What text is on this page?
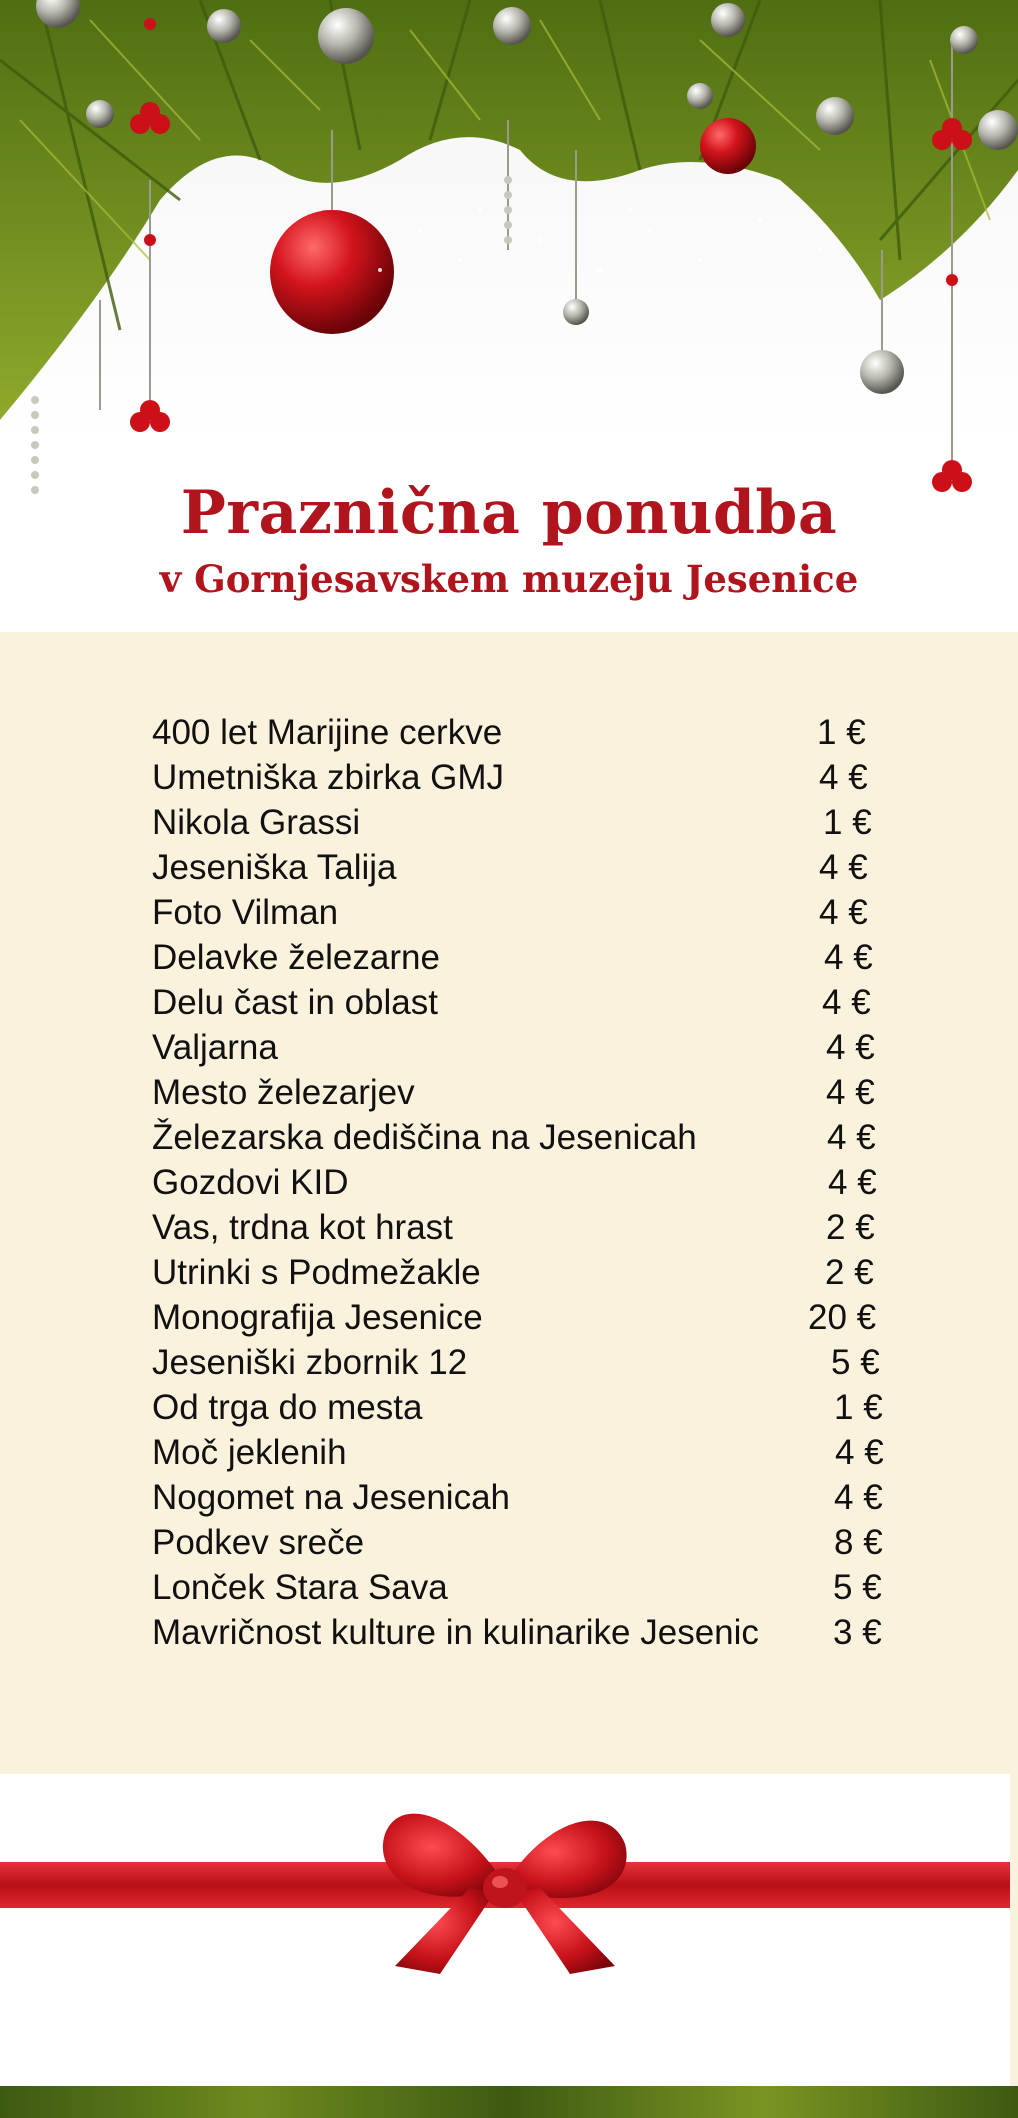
Praznična ponudba
v Gornjesavskem muzeju Jesenice
400 let Marijine cerkve	1 €
Umetniška zbirka GMJ	4 €
Nikola Grassi	1 €
Jeseniška Talija	4 €
Foto Vilman	4 €
Delavke železarne	4 €
Delu čast in oblast	4 €
Valjarna	4 €
Mesto železarjev	4 €
Železarska dediščina na Jesenicah	4 €
Gozdovi KID	4 €
Vas, trdna kot hrast	2 €
Utrinki s Podmežakle	2 €
Monografija Jesenice	20 €
Jeseniški zbornik 12	5 €
Od trga do mesta	1 €
Moč jeklenih	4 €
Nogomet na Jesenicah	4 €
Podkev sreče	8 €
Lonček Stara Sava	5 €
Mavričnost kulture in kulinarike Jesenic 3 €
